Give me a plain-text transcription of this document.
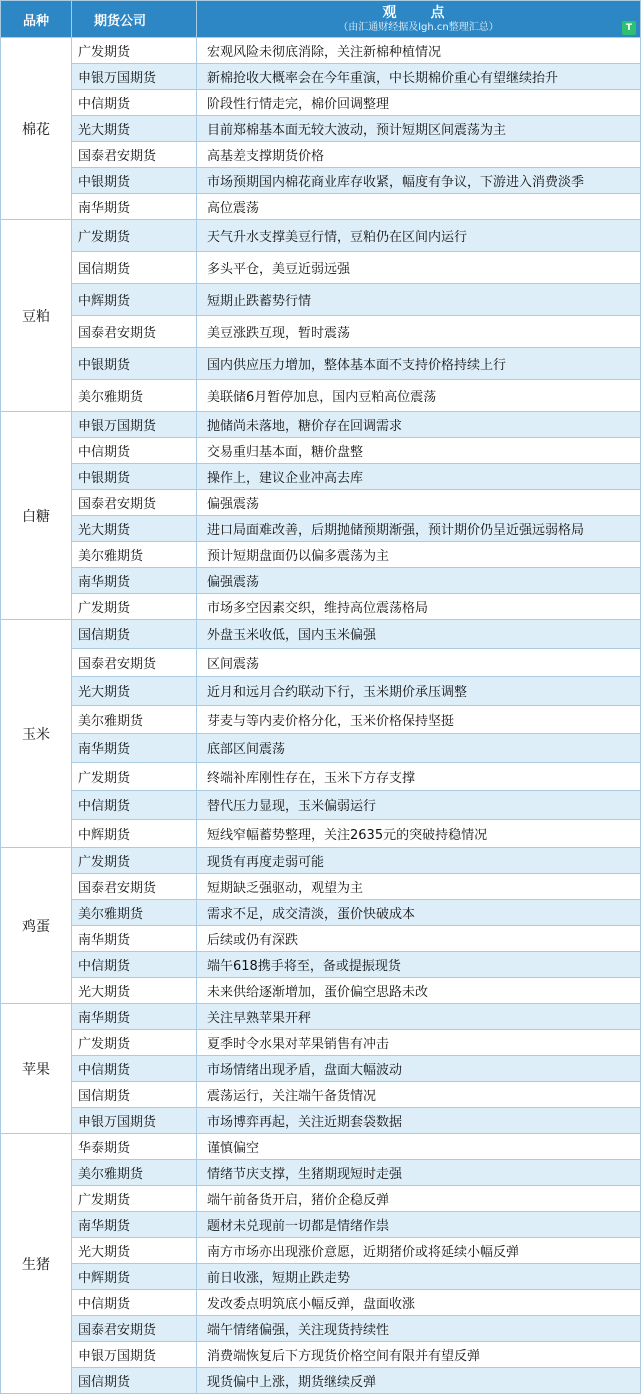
品种	期货公司	观　点
（由汇通财经据及lgh.cn整理汇总） T

棉花	广发期货	宏观风险未彻底消除，关注新棉种植情况
	申银万国期货	新棉抢收大概率会在今年重演，中长期棉价重心有望继续抬升
	中信期货	阶段性行情走完，棉价回调整理
	光大期货	目前郑棉基本面无较大波动，预计短期区间震荡为主
	国泰君安期货	高基差支撑期货价格
	中银期货	市场预期国内棉花商业库存收紧，幅度有争议，下游进入消费淡季
	南华期货	高位震荡
豆粕	广发期货	天气升水支撑美豆行情，豆粕仍在区间内运行
	国信期货	多头平仓，美豆近弱远强
	中辉期货	短期止跌蓄势行情
	国泰君安期货	美豆涨跌互现，暂时震荡
	中银期货	国内供应压力增加，整体基本面不支持价格持续上行
	美尔雅期货	美联储6月暂停加息，国内豆粕高位震荡
白糖	申银万国期货	抛储尚未落地，糖价存在回调需求
	中信期货	交易重归基本面，糖价盘整
	中银期货	操作上，建议企业冲高去库
	国泰君安期货	偏强震荡
	光大期货	进口局面难改善，后期抛储预期渐强，预计期价仍呈近强远弱格局
	美尔雅期货	预计短期盘面仍以偏多震荡为主
	南华期货	偏强震荡
	广发期货	市场多空因素交织，维持高位震荡格局
玉米	国信期货	外盘玉米收低，国内玉米偏强
	国泰君安期货	区间震荡
	光大期货	近月和远月合约联动下行，玉米期价承压调整
	美尔雅期货	芽麦与等内麦价格分化，玉米价格保持坚挺
	南华期货	底部区间震荡
	广发期货	终端补库刚性存在，玉米下方存支撑
	中信期货	替代压力显现，玉米偏弱运行
	中辉期货	短线窄幅蓄势整理，关注2635元的突破持稳情况
鸡蛋	广发期货	现货有再度走弱可能
	国泰君安期货	短期缺乏强驱动，观望为主
	美尔雅期货	需求不足，成交清淡，蛋价快破成本
	南华期货	后续或仍有深跌
	中信期货	端午618携手将至，备或提振现货
	光大期货	未来供给逐渐增加，蛋价偏空思路未改
苹果	南华期货	关注早熟苹果开秤
	广发期货	夏季时令水果对苹果销售有冲击
	中信期货	市场情绪出现矛盾，盘面大幅波动
	国信期货	震荡运行，关注端午备货情况
	申银万国期货	市场博弈再起，关注近期套袋数据
生猪	华泰期货	谨慎偏空
	美尔雅期货	情绪节庆支撑，生猪期现短时走强
	广发期货	端午前备货开启，猪价企稳反弹
	南华期货	题材未兑现前一切都是情绪作祟
	光大期货	南方市场亦出现涨价意愿，近期猪价或将延续小幅反弹
	中辉期货	前日收涨，短期止跌走势
	中信期货	发改委点明筑底小幅反弹，盘面收涨
	国泰君安期货	端午情绪偏强，关注现货持续性
	申银万国期货	消费端恢复后下方现货价格空间有限并有望反弹
	国信期货	现货偏中上涨，期货继续反弹
